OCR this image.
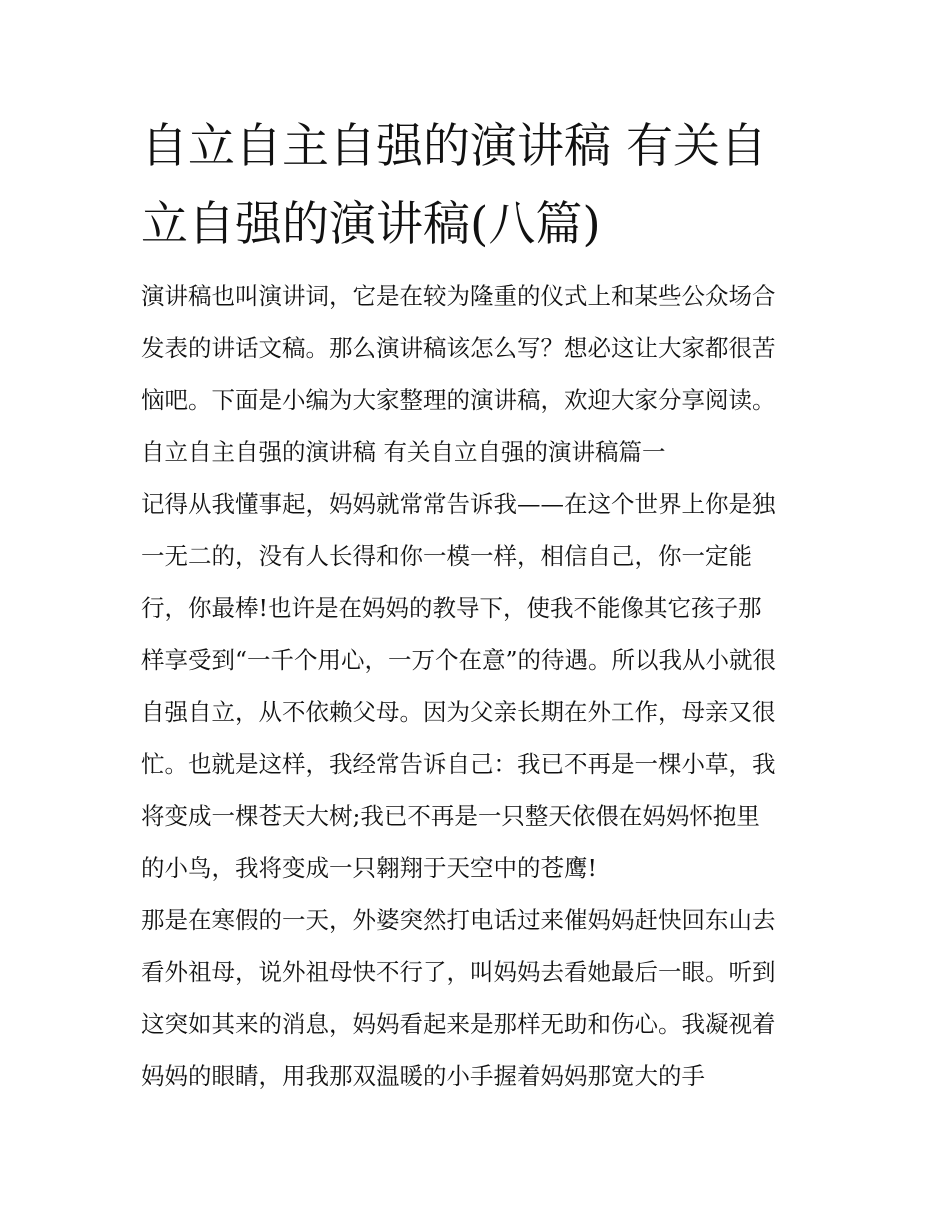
自立自主自强的演讲稿 有关自
立自强的演讲稿(八篇)
演讲稿也叫演讲词，它是在较为隆重的仪式上和某些公众场合
发表的讲话文稿。那么演讲稿该怎么写？想必这让大家都很苦
恼吧。下面是小编为大家整理的演讲稿，欢迎大家分享阅读。
自立自主自强的演讲稿 有关自立自强的演讲稿篇一
记得从我懂事起，妈妈就常常告诉我——在这个世界上你是独
一无二的，没有人长得和你一模一样，相信自己，你一定能
行，你最棒!也许是在妈妈的教导下，使我不能像其它孩子那
样享受到“一千个用心，一万个在意”的待遇。所以我从小就很
自强自立，从不依赖父母。因为父亲长期在外工作，母亲又很
忙。也就是这样，我经常告诉自己：我已不再是一棵小草，我
将变成一棵苍天大树;我已不再是一只整天依偎在妈妈怀抱里
的小鸟，我将变成一只翱翔于天空中的苍鹰!
那是在寒假的一天，外婆突然打电话过来催妈妈赶快回东山去
看外祖母，说外祖母快不行了，叫妈妈去看她最后一眼。听到
这突如其来的消息，妈妈看起来是那样无助和伤心。我凝视着
妈妈的眼睛，用我那双温暖的小手握着妈妈那宽大的手
